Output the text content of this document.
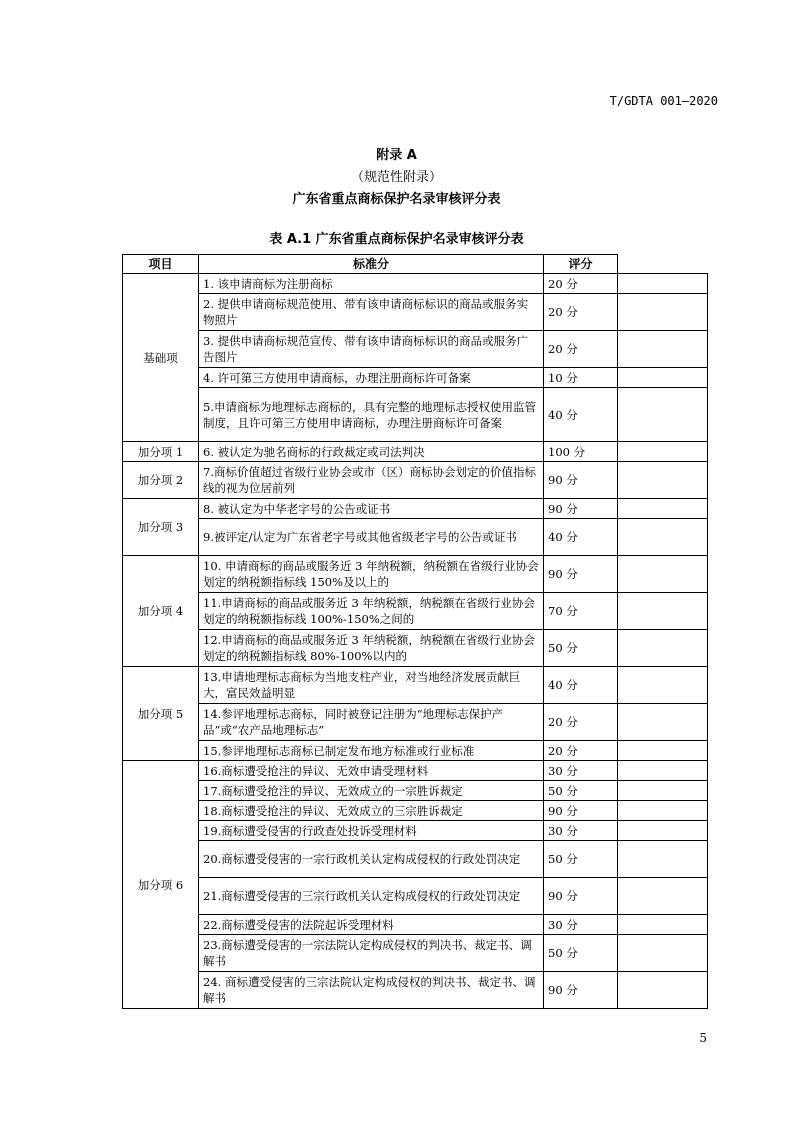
T/GDTA 001—2020
附录 A
（规范性附录）
广东省重点商标保护名录审核评分表
表 A.1 广东省重点商标保护名录审核评分表
项目	标准分	评分	
基础项	1. 该申请商标为注册商标	20 分	
	2. 提供申请商标规范使用、带有该申请商标标识的商品或服务实物照片	20 分	
	3. 提供申请商标规范宣传、带有该申请商标标识的商品或服务广告图片	20 分	
	4. 许可第三方使用申请商标，办理注册商标许可备案	10 分	
	5.申请商标为地理标志商标的，具有完整的地理标志授权使用监管制度，且许可第三方使用申请商标，办理注册商标许可备案	40 分	
加分项 1	6. 被认定为驰名商标的行政裁定或司法判决	100 分	
加分项 2	7.商标价值超过省级行业协会或市（区）商标协会划定的价值指标线的视为位居前列	90 分	
加分项 3	8. 被认定为中华老字号的公告或证书	90 分	
	9.被评定/认定为广东省老字号或其他省级老字号的公告或证书	40 分	
加分项 4	10. 申请商标的商品或服务近 3 年纳税额，纳税额在省级行业协会划定的纳税额指标线 150%及以上的	90 分	
	11.申请商标的商品或服务近 3 年纳税额，纳税额在省级行业协会划定的纳税额指标线 100%-150%之间的	70 分	
	12.申请商标的商品或服务近 3 年纳税额，纳税额在省级行业协会划定的纳税额指标线 80%-100%以内的	50 分	
加分项 5	13.申请地理标志商标为当地支柱产业，对当地经济发展贡献巨大，富民效益明显	40 分	
	14.参评地理标志商标，同时被登记注册为“地理标志保护产品”或“农产品地理标志”	20 分	
	15.参评地理标志商标已制定发布地方标准或行业标准	20 分	
加分项 6	16.商标遭受抢注的异议、无效申请受理材料	30 分	
	17.商标遭受抢注的异议、无效成立的一宗胜诉裁定	50 分	
	18.商标遭受抢注的异议、无效成立的三宗胜诉裁定	90 分	
	19.商标遭受侵害的行政查处投诉受理材料	30 分	
	20.商标遭受侵害的一宗行政机关认定构成侵权的行政处罚决定	50 分	
	21.商标遭受侵害的三宗行政机关认定构成侵权的行政处罚决定	90 分	
	22.商标遭受侵害的法院起诉受理材料	30 分	
	23.商标遭受侵害的一宗法院认定构成侵权的判决书、裁定书、调解书	50 分	
	24. 商标遭受侵害的三宗法院认定构成侵权的判决书、裁定书、调解书	90 分	
5
